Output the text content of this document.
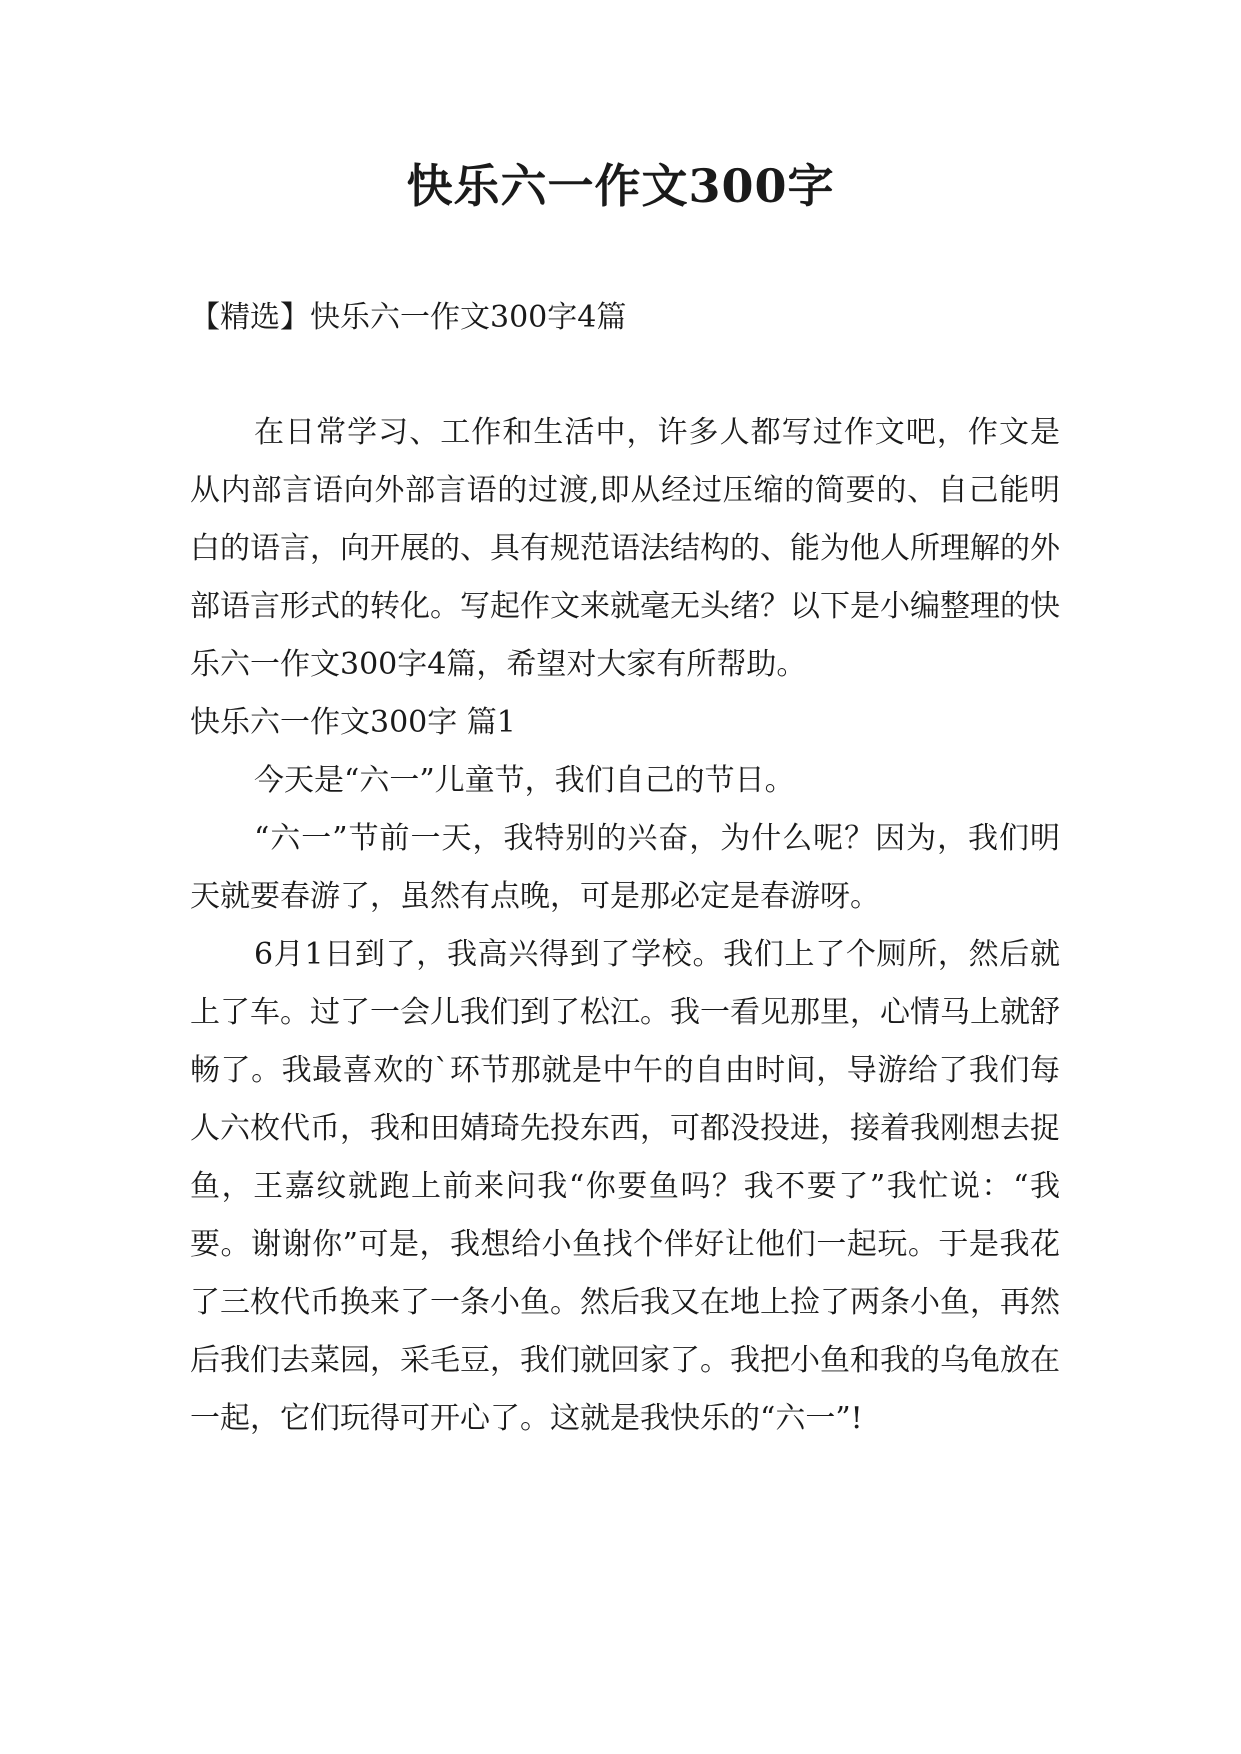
快乐六一作文300字

【精选】快乐六一作文300字4篇

在日常学习、工作和生活中，许多人都写过作文吧，作文是从内部言语向外部言语的过渡,即从经过压缩的简要的、自己能明白的语言，向开展的、具有规范语法结构的、能为他人所理解的外部语言形式的转化。写起作文来就毫无头绪？以下是小编整理的快乐六一作文300字4篇，希望对大家有所帮助。

快乐六一作文300字 篇1

今天是“六一”儿童节，我们自己的节日。

“六一”节前一天，我特别的兴奋，为什么呢？因为，我们明天就要春游了，虽然有点晚，可是那必定是春游呀。

6月1日到了，我高兴得到了学校。我们上了个厕所，然后就上了车。过了一会儿我们到了松江。我一看见那里，心情马上就舒畅了。我最喜欢的`环节那就是中午的自由时间，导游给了我们每人六枚代币，我和田婧琦先投东西，可都没投进，接着我刚想去捉鱼，王嘉纹就跑上前来问我“你要鱼吗？我不要了”我忙说：“我要。谢谢你”可是，我想给小鱼找个伴好让他们一起玩。于是我花了三枚代币换来了一条小鱼。然后我又在地上捡了两条小鱼，再然后我们去菜园，采毛豆，我们就回家了。我把小鱼和我的乌龟放在一起，它们玩得可开心了。这就是我快乐的“六一”!
